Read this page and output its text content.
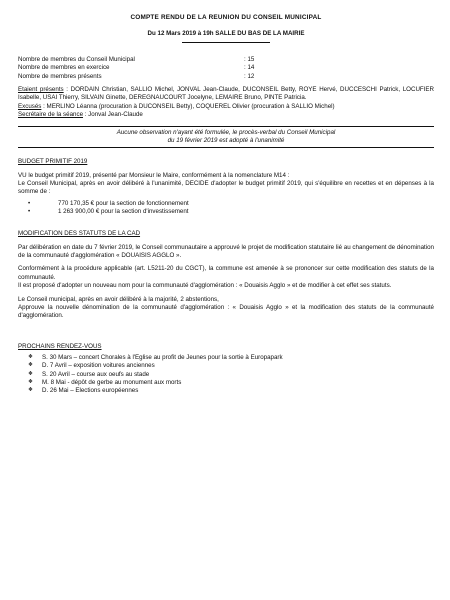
COMPTE RENDU DE LA REUNION DU CONSEIL MUNICIPAL
Du 12 Mars 2019 à 19h SALLE DU BAS DE LA MAIRIE
Nombre de membres du Conseil Municipal	: 15
Nombre de membres en exercice	: 14
Nombre de membres présents	: 12

Etaient présents : DORDAIN Christian, SALLIO Michel, JONVAL Jean-Claude, DUCONSEIL Betty, ROYE Hervé, DUCCESCHI Patrick, LOCUFIER Isabelle, USAI Thierry, SILVAIN Ginette, DEREGNAUCOURT Jocelyne, LEMAIRE Bruno, PINTE Patricia.

Excusés : MERLINO Léanna (procuration à DUCONSEIL Betty), COQUEREL Olivier (procuration à SALLIO Michel)

Secrétaire de la séance : Jonval Jean-Claude

Aucune observation n'ayant été formulée, le procès-verbal du Conseil Municipal
du 19 février 2019 est adopté à l'unanimité
BUDGET PRIMITIF 2019

VU le budget primitif 2019, présenté par Monsieur le Maire, conformément à la nomenclature M14 :
Le Conseil Municipal, après en avoir délibéré à l'unanimité, DECIDE d'adopter le budget primitif 2019, qui s'équilibre en recettes et en dépenses à la somme de :

•	770 170,35 € pour la section de fonctionnement
•	1 263 900,00 € pour la section d'investissement
MODIFICATION DES STATUTS DE LA CAD

Par délibération en date du 7 février 2019, le Conseil communautaire a approuvé le projet de modification statutaire lié au changement de dénomination de la communauté d'agglomération « DOUAISIS AGGLO ».

Conformément à la procédure applicable (art. L5211-20 du CGCT), la commune est amenée à se prononcer sur cette modification des statuts de la communauté.

Il est proposé d'adopter un nouveau nom pour la communauté d'agglomération : « Douaisis Agglo » et de modifier à cet effet ses statuts.

Le Conseil municipal, après en avoir délibéré à la majorité, 2 abstentions,

Approuve la nouvelle dénomination de la communauté d'agglomération : « Douaisis Agglo » et la modification des statuts de la communauté d'agglomération.

PROCHAINS RENDEZ-VOUS
❖	S. 30 Mars – concert Chorales à l'Eglise au profit de Jeunes pour la sortie à Europapark
❖	D. 7 Avril – exposition voitures anciennes
❖	S. 20 Avril – course aux oeufs au stade
❖	M. 8 Mai - dépôt de gerbe au monument aux morts
❖	D. 26 Mai – Elections européennes
